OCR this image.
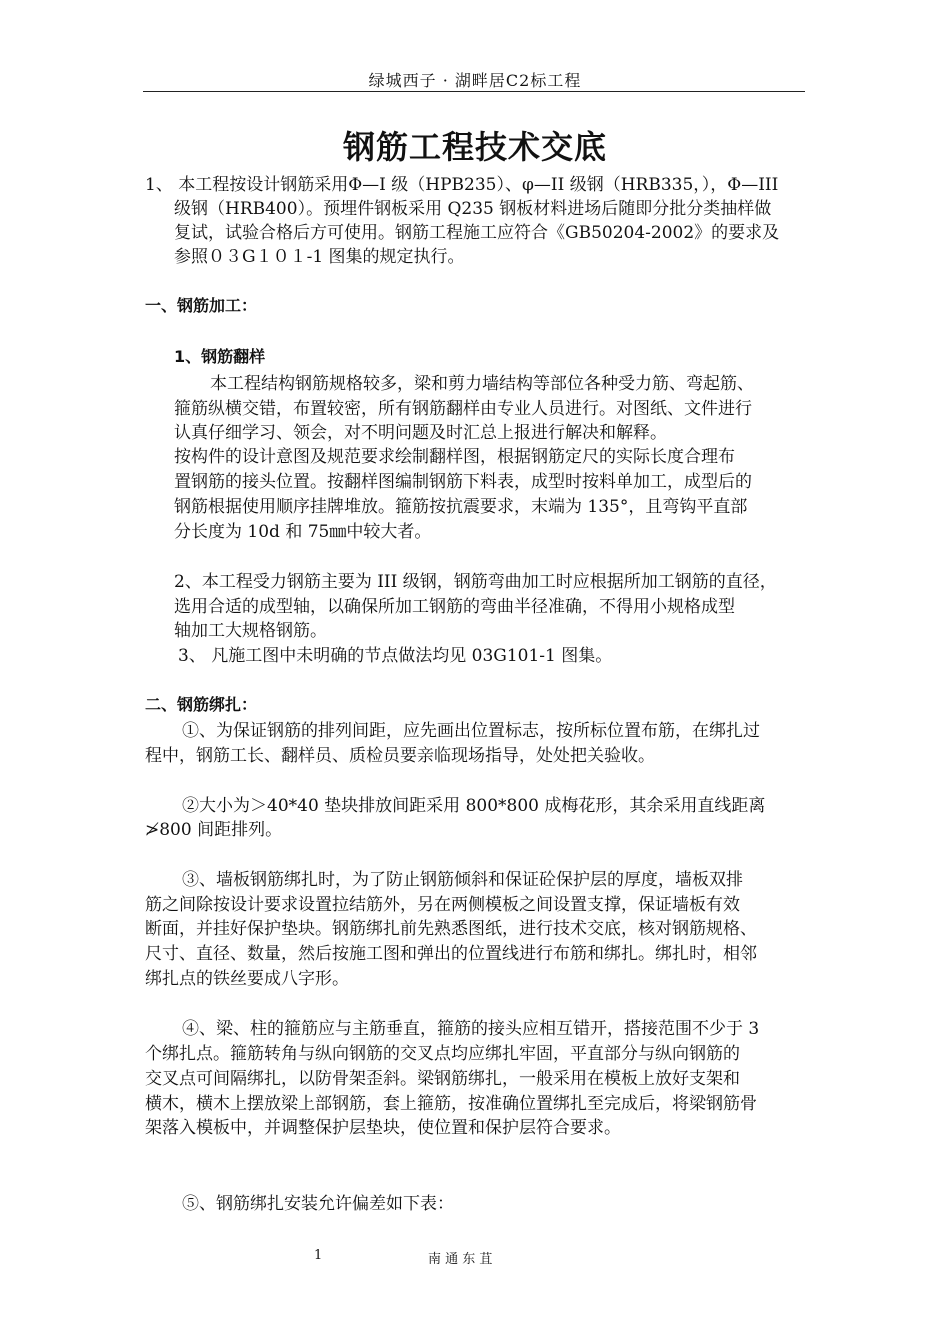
绿城西子 · 湖畔居C2标工程
钢筋工程技术交底
1、 本工程按设计钢筋采用Φ—I 级（HPB235）、φ—II 级钢（HRB335，），Φ—III
级钢（HRB400）。预埋件钢板采用 Q235 钢板材料进场后随即分批分类抽样做
复试，试验合格后方可使用。钢筋工程施工应符合《GB50204-2002》的要求及
参照０３G１０１-1 图集的规定执行。
一、钢筋加工：
1、钢筋翻样
本工程结构钢筋规格较多，梁和剪力墙结构等部位各种受力筋、弯起筋、
箍筋纵横交错，布置较密，所有钢筋翻样由专业人员进行。对图纸、文件进行
认真仔细学习、领会，对不明问题及时汇总上报进行解决和解释。
按构件的设计意图及规范要求绘制翻样图，根据钢筋定尺的实际长度合理布
置钢筋的接头位置。按翻样图编制钢筋下料表，成型时按料单加工，成型后的
钢筋根据使用顺序挂牌堆放。箍筋按抗震要求，末端为 135°，且弯钩平直部
分长度为 10d 和 75㎜中较大者。
2、本工程受力钢筋主要为 III 级钢，钢筋弯曲加工时应根据所加工钢筋的直径，
选用合适的成型轴，以确保所加工钢筋的弯曲半径准确，不得用小规格成型
轴加工大规格钢筋。
3、 凡施工图中未明确的节点做法均见 03G101-1 图集。
二、钢筋绑扎：
①、为保证钢筋的排列间距，应先画出位置标志，按所标位置布筋，在绑扎过
程中，钢筋工长、翻样员、质检员要亲临现场指导，处处把关验收。
②大小为＞40*40 垫块排放间距采用 800*800 成梅花形，其余采用直线距离
≯800 间距排列。
③、墙板钢筋绑扎时，为了防止钢筋倾斜和保证砼保护层的厚度，墙板双排
筋之间除按设计要求设置拉结筋外，另在两侧模板之间设置支撑，保证墙板有效
断面，并挂好保护垫块。钢筋绑扎前先熟悉图纸，进行技术交底，核对钢筋规格、
尺寸、直径、数量，然后按施工图和弹出的位置线进行布筋和绑扎。绑扎时，相邻
绑扎点的铁丝要成八字形。
④、梁、柱的箍筋应与主筋垂直，箍筋的接头应相互错开，搭接范围不少于 3
个绑扎点。箍筋转角与纵向钢筋的交叉点均应绑扎牢固，平直部分与纵向钢筋的
交叉点可间隔绑扎，以防骨架歪斜。梁钢筋绑扎，一般采用在模板上放好支架和
横木，横木上摆放梁上部钢筋，套上箍筋，按准确位置绑扎至完成后，将梁钢筋骨
架落入模板中，并调整保护层垫块，使位置和保护层符合要求。
⑤、钢筋绑扎安装允许偏差如下表：
1	南 通 东 苴
